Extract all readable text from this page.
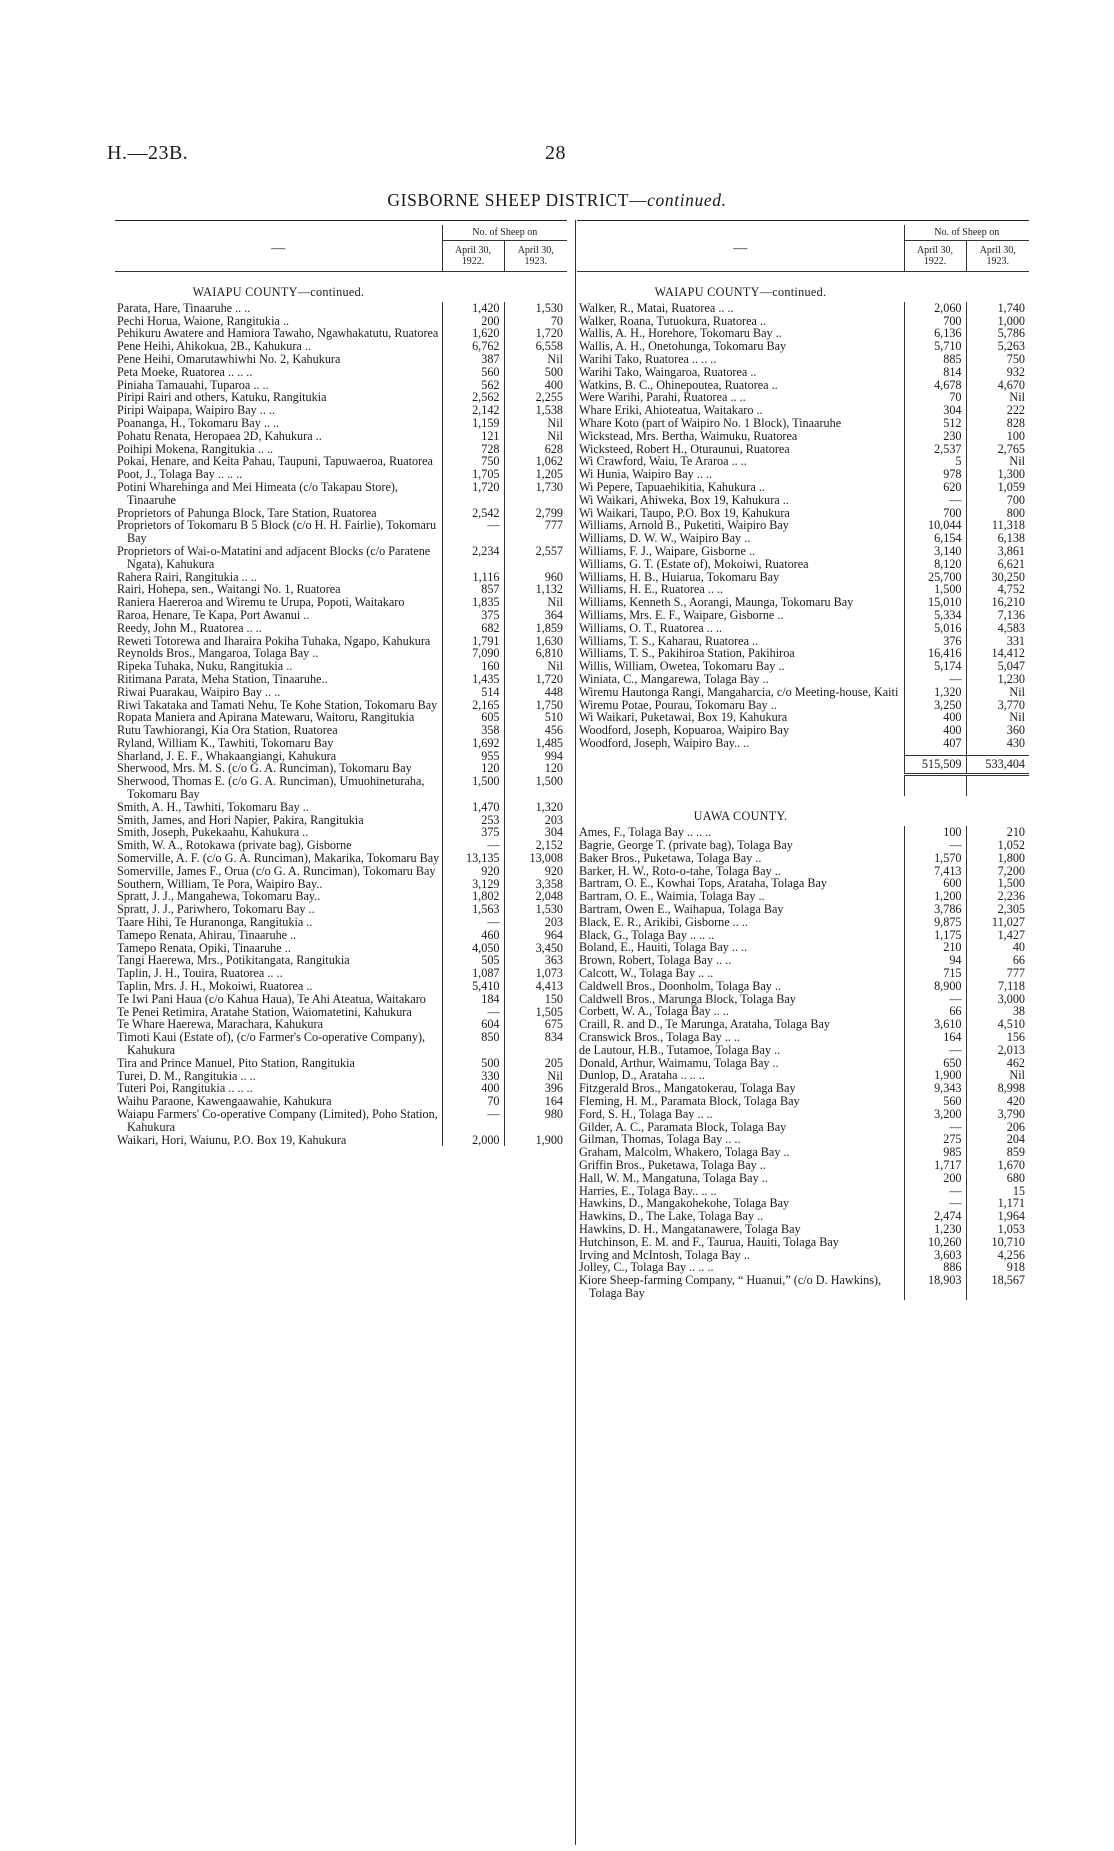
H.—23B.	28
GISBORNE SHEEP DISTRICT—continued.

—	No. of Sheep on	
	April 30, 1922.	April 30, 1923.

WAIAPU COUNTY—continued.		

Parata, Hare, Tinaaruhe .. ..	1,420	1,530

Pechi Horua, Waione, Rangitukia ..	200	70

Pehikuru Awatere and Hamiora Tawaho, Ngawhakatutu, Ruatorea	1,620	1,720

Pene Heihi, Ahikokua, 2B., Kahukura ..	6,762	6,558

Pene Heihi, Omarutawhiwhi No. 2, Kahukura	387	Nil

Peta Moeke, Ruatorea .. .. ..	560	500

Piniaha Tamauahi, Tuparoa .. ..	562	400

Piripi Rairi and others, Katuku, Rangitukia	2,562	2,255

Piripi Waipapa, Waipiro Bay .. ..	2,142	1,538

Poananga, H., Tokomaru Bay .. ..	1,159	Nil

Pohatu Renata, Heropaea 2D, Kahukura ..	121	Nil

Poihipi Mokena, Rangitukia .. ..	728	628

Pokai, Henare, and Keita Pahau, Taupuni, Tapuwaeroa, Ruatorea	750	1,062

Poot, J., Tolaga Bay .. .. ..	1,705	1,205

Potini Wharehinga and Mei Himeata (c/o Takapau Store), Tinaaruhe	1,720	1,730

Proprietors of Pahunga Block, Tare Station, Ruatorea	2,542	2,799

Proprietors of Tokomaru B 5 Block (c/o H. H. Fairlie), Tokomaru Bay	—	777

Proprietors of Wai-o-Matatini and adjacent Blocks (c/o Paratene Ngata), Kahukura	2,234	2,557

Rahera Rairi, Rangitukia .. ..	1,116	960

Rairi, Hohepa, sen., Waitangi No. 1, Ruatorea	857	1,132

Raniera Haereroa and Wiremu te Urupa, Popoti, Waitakaro	1,835	Nil

Raroa, Henare, Te Kapa, Port Awanui ..	375	364

Reedy, John M., Ruatorea .. ..	682	1,859

Reweti Totorewa and Iharaira Pokiha Tuhaka, Ngapo, Kahukura	1,791	1,630

Reynolds Bros., Mangaroa, Tolaga Bay ..	7,090	6,810

Ripeka Tuhaka, Nuku, Rangitukia ..	160	Nil

Ritimana Parata, Meha Station, Tinaaruhe..	1,435	1,720

Riwai Puarakau, Waipiro Bay .. ..	514	448

Riwi Takataka and Tamati Nehu, Te Kohe Station, Tokomaru Bay	2,165	1,750

Ropata Maniera and Apirana Matewaru, Waitoru, Rangitukia	605	510

Rutu Tawhiorangi, Kia Ora Station, Ruatorea	358	456

Ryland, William K., Tawhiti, Tokomaru Bay	1,692	1,485

Sharland, J. E. F., Whakaangiangi, Kahukura	955	994

Sherwood, Mrs. M. S. (c/o G. A. Runciman), Tokomaru Bay	120	120

Sherwood, Thomas E. (c/o G. A. Runciman), Umuohineturaha, Tokomaru Bay	1,500	1,500

Smith, A. H., Tawhiti, Tokomaru Bay ..	1,470	1,320

Smith, James, and Hori Napier, Pakira, Rangitukia	253	203

Smith, Joseph, Pukekaahu, Kahukura ..	375	304

Smith, W. A., Rotokawa (private bag), Gisborne	—	2,152

Somerville, A. F. (c/o G. A. Runciman), Makarika, Tokomaru Bay	13,135	13,008

Somerville, James F., Orua (c/o G. A. Runciman), Tokomaru Bay	920	920

Southern, William, Te Pora, Waipiro Bay..	3,129	3,358

Spratt, J. J., Mangahewa, Tokomaru Bay..	1,802	2,048

Spratt, J. J., Pariwhero, Tokomaru Bay ..	1,563	1,530

Taare Hihi, Te Huranonga, Rangitukia ..	—	203

Tamepo Renata, Ahirau, Tinaaruhe ..	460	964

Tamepo Renata, Opiki, Tinaaruhe ..	4,050	3,450

Tangi Haerewa, Mrs., Potikitangata, Rangitukia	505	363

Taplin, J. H., Touira, Ruatorea .. ..	1,087	1,073

Taplin, Mrs. J. H., Mokoiwi, Ruatorea ..	5,410	4,413

Te Iwi Pani Haua (c/o Kahua Haua), Te Ahi Ateatua, Waitakaro	184	150

Te Penei Retimira, Aratahe Station, Waiomatetini, Kahukura	—	1,505

Te Whare Haerewa, Marachara, Kahukura	604	675

Timoti Kaui (Estate of), (c/o Farmer's Co-operative Company), Kahukura	850	834

Tira and Prince Manuel, Pito Station, Rangitukia	500	205

Turei, D. M., Rangitukia .. ..	330	Nil

Tuteri Poi, Rangitukia .. .. ..	400	396

Waihu Paraone, Kawengaawahie, Kahukura	70	164

Waiapu Farmers' Co-operative Company (Limited), Poho Station, Kahukura	—	980

Waikari, Hori, Waiunu, P.O. Box 19, Kahukura	2,000	1,900

—	No. of Sheep on	
	April 30, 1922.	April 30, 1923.

WAIAPU COUNTY—continued.		

Walker, R., Matai, Ruatorea .. ..	2,060	1,740

Walker, Roana, Tutuokura, Ruatorea ..	700	1,000

Wallis, A. H., Horehore, Tokomaru Bay ..	6,136	5,786

Wallis, A. H., Onetohunga, Tokomaru Bay	5,710	5,263

Warihi Tako, Ruatorea .. .. ..	885	750

Warihi Tako, Waingaroa, Ruatorea ..	814	932

Watkins, B. C., Ohinepoutea, Ruatorea ..	4,678	4,670

Were Warihi, Parahi, Ruatorea .. ..	70	Nil

Whare Eriki, Ahioteatua, Waitakaro ..	304	222

Whare Koto (part of Waipiro No. 1 Block), Tinaaruhe	512	828

Wickstead, Mrs. Bertha, Waimuku, Ruatorea	230	100

Wicksteed, Robert H., Oturaunui, Ruatorea	2,537	2,765

Wi Crawford, Waiu, Te Araroa .. ..	5	Nil

Wi Hunia, Waipiro Bay .. ..	978	1,300

Wi Pepere, Tapuaehikitia, Kahukura ..	620	1,059

Wi Waikari, Ahiweka, Box 19, Kahukura ..	—	700

Wi Waikari, Taupo, P.O. Box 19, Kahukura	700	800

Williams, Arnold B., Puketiti, Waipiro Bay	10,044	11,318

Williams, D. W. W., Waipiro Bay ..	6,154	6,138

Williams, F. J., Waipare, Gisborne ..	3,140	3,861

Williams, G. T. (Estate of), Mokoiwi, Ruatorea	8,120	6,621

Williams, H. B., Huiarua, Tokomaru Bay	25,700	30,250

Williams, H. E., Ruatorea .. ..	1,500	4,752

Williams, Kenneth S., Aorangi, Maunga, Tokomaru Bay	15,010	16,210

Williams, Mrs. E. F., Waipare, Gisborne ..	5,334	7,136

Williams, O. T., Ruatorea .. ..	5,016	4,583

Williams, T. S., Kaharau, Ruatorea ..	376	331

Williams, T. S., Pakihiroa Station, Pakihiroa	16,416	14,412

Willis, William, Owetea, Tokomaru Bay ..	5,174	5,047

Winiata, C., Mangarewa, Tolaga Bay ..	—	1,230

Wiremu Hautonga Rangi, Mangaharcia, c/o Meeting-house, Kaiti	1,320	Nil

Wiremu Potae, Pourau, Tokomaru Bay ..	3,250	3,770

Wi Waikari, Puketawai, Box 19, Kahukura	400	Nil

Woodford, Joseph, Kopuaroa, Waipiro Bay	400	360

Woodford, Joseph, Waipiro Bay.. ..	407	430

	515,509	533,404

UAWA COUNTY.		

Ames, F., Tolaga Bay .. .. ..	100	210

Bagrie, George T. (private bag), Tolaga Bay	—	1,052

Baker Bros., Puketawa, Tolaga Bay ..	1,570	1,800

Barker, H. W., Roto-o-tahe, Tolaga Bay ..	7,413	7,200

Bartram, O. E., Kowhai Tops, Arataha, Tolaga Bay	600	1,500

Bartram, O. E., Waimia, Tolaga Bay ..	1,200	2,236

Bartram, Owen E., Waihapua, Tolaga Bay	3,786	2,305

Black, E. R., Arikibi, Gisborne .. ..	9,875	11,027

Black, G., Tolaga Bay .. .. ..	1,175	1,427

Boland, E., Hauiti, Tolaga Bay .. ..	210	40

Brown, Robert, Tolaga Bay .. ..	94	66

Calcott, W., Tolaga Bay .. ..	715	777

Caldwell Bros., Doonholm, Tolaga Bay ..	8,900	7,118

Caldwell Bros., Marunga Block, Tolaga Bay	—	3,000

Corbett, W. A., Tolaga Bay .. ..	66	38

Craill, R. and D., Te Marunga, Arataha, Tolaga Bay	3,610	4,510

Cranswick Bros., Tolaga Bay .. ..	164	156

de Lautour, H.B., Tutamoe, Tolaga Bay ..	—	2,013

Donald, Arthur, Waimamu, Tolaga Bay ..	650	462

Dunlop, D., Arataha .. .. ..	1,900	Nil

Fitzgerald Bros., Mangatokerau, Tolaga Bay	9,343	8,998

Fleming, H. M., Paramata Block, Tolaga Bay	560	420

Ford, S. H., Tolaga Bay .. ..	3,200	3,790

Gilder, A. C., Paramata Block, Tolaga Bay	—	206

Gilman, Thomas, Tolaga Bay .. ..	275	204

Graham, Malcolm, Whakero, Tolaga Bay ..	985	859

Griffin Bros., Puketawa, Tolaga Bay ..	1,717	1,670

Hall, W. M., Mangatuna, Tolaga Bay ..	200	680

Harries, E., Tolaga Bay.. .. ..	—	15

Hawkins, D., Mangakohekohe, Tolaga Bay	—	1,171

Hawkins, D., The Lake, Tolaga Bay ..	2,474	1,964

Hawkins, D. H., Mangatanawere, Tolaga Bay	1,230	1,053

Hutchinson, E. M. and F., Taurua, Hauiti, Tolaga Bay	10,260	10,710

Irving and McIntosh, Tolaga Bay ..	3,603	4,256

Jolley, C., Tolaga Bay .. .. ..	886	918

Kiore Sheep-farming Company, “ Huanui,” (c/o D. Hawkins), Tolaga Bay	18,903	18,567
